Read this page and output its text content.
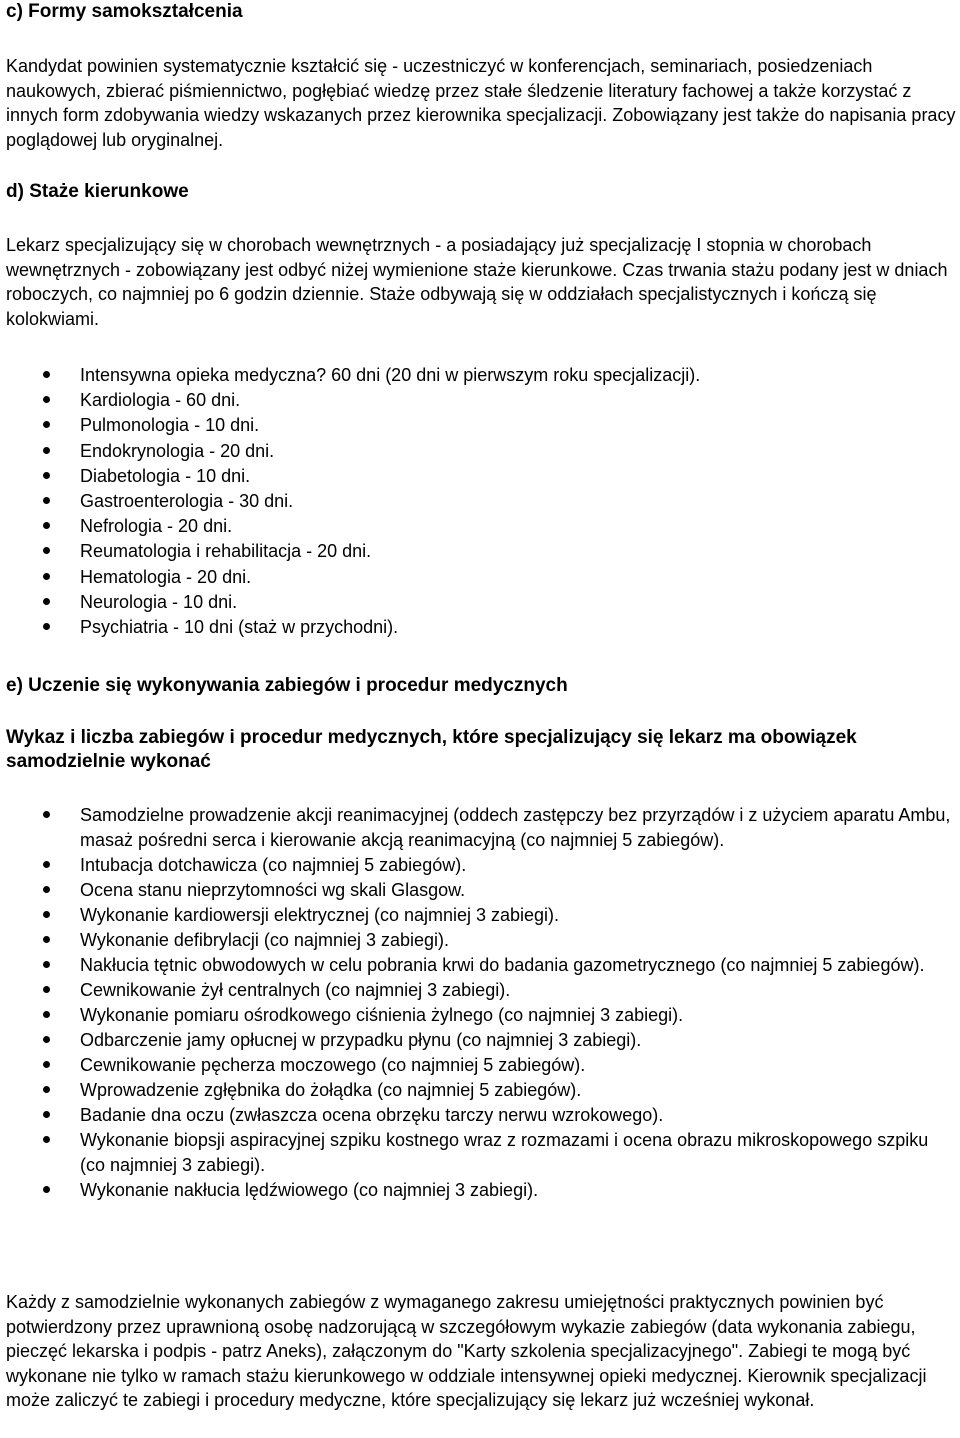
c) Formy samokształcenia

Kandydat powinien systematycznie kształcić się - uczestniczyć w konferencjach, seminariach, posiedzeniach naukowych, zbierać piśmiennictwo, pogłębiać wiedzę przez stałe śledzenie literatury fachowej a także korzystać z innych form zdobywania wiedzy wskazanych przez kierownika specjalizacji. Zobowiązany jest także do napisania pracy poglądowej lub oryginalnej.

d) Staże kierunkowe

Lekarz specjalizujący się w chorobach wewnętrznych - a posiadający już specjalizację I stopnia w chorobach wewnętrznych - zobowiązany jest odbyć niżej wymienione staże kierunkowe. Czas trwania stażu podany jest w dniach roboczych, co najmniej po 6 godzin dziennie. Staże odbywają się w oddziałach specjalistycznych i kończą się kolokwiami.

Intensywna opieka medyczna? 60 dni (20 dni w pierwszym roku specjalizacji).
Kardiologia - 60 dni.
Pulmonologia - 10 dni.
Endokrynologia - 20 dni.
Diabetologia - 10 dni.
Gastroenterologia - 30 dni.
Nefrologia - 20 dni.
Reumatologia i rehabilitacja - 20 dni.
Hematologia - 20 dni.
Neurologia - 10 dni.
Psychiatria - 10 dni (staż w przychodni).
e) Uczenie się wykonywania zabiegów i procedur medycznych
Wykaz i liczba zabiegów i procedur medycznych, które specjalizujący się lekarz ma obowiązek samodzielnie wykonać
Samodzielne prowadzenie akcji reanimacyjnej (oddech zastępczy bez przyrządów i z użyciem aparatu Ambu, masaż pośredni serca i kierowanie akcją reanimacyjną (co najmniej 5 zabiegów).
Intubacja dotchawicza (co najmniej 5 zabiegów).
Ocena stanu nieprzytomności wg skali Glasgow.
Wykonanie kardiowersji elektrycznej (co najmniej 3 zabiegi).
Wykonanie defibrylacji (co najmniej 3 zabiegi).
Nakłucia tętnic obwodowych w celu pobrania krwi do badania gazometrycznego (co najmniej 5 zabiegów).
Cewnikowanie żył centralnych (co najmniej 3 zabiegi).
Wykonanie pomiaru ośrodkowego ciśnienia żylnego (co najmniej 3 zabiegi).
Odbarczenie jamy opłucnej w przypadku płynu (co najmniej 3 zabiegi).
Cewnikowanie pęcherza moczowego (co najmniej 5 zabiegów).
Wprowadzenie zgłębnika do żołądka (co najmniej 5 zabiegów).
Badanie dna oczu (zwłaszcza ocena obrzęku tarczy nerwu wzrokowego).
Wykonanie biopsji aspiracyjnej szpiku kostnego wraz z rozmazami i ocena obrazu mikroskopowego szpiku (co najmniej 3 zabiegi).
Wykonanie nakłucia lędźwiowego (co najmniej 3 zabiegi).

Każdy z samodzielnie wykonanych zabiegów z wymaganego zakresu umiejętności praktycznych powinien być potwierdzony przez uprawnioną osobę nadzorującą w szczegółowym wykazie zabiegów (data wykonania zabiegu, pieczęć lekarska i podpis - patrz Aneks), załączonym do "Karty szkolenia specjalizacyjnego". Zabiegi te mogą być wykonane nie tylko w ramach stażu kierunkowego w oddziale intensywnej opieki medycznej. Kierownik specjalizacji może zaliczyć te zabiegi i procedury medyczne, które specjalizujący się lekarz już wcześniej wykonał.
